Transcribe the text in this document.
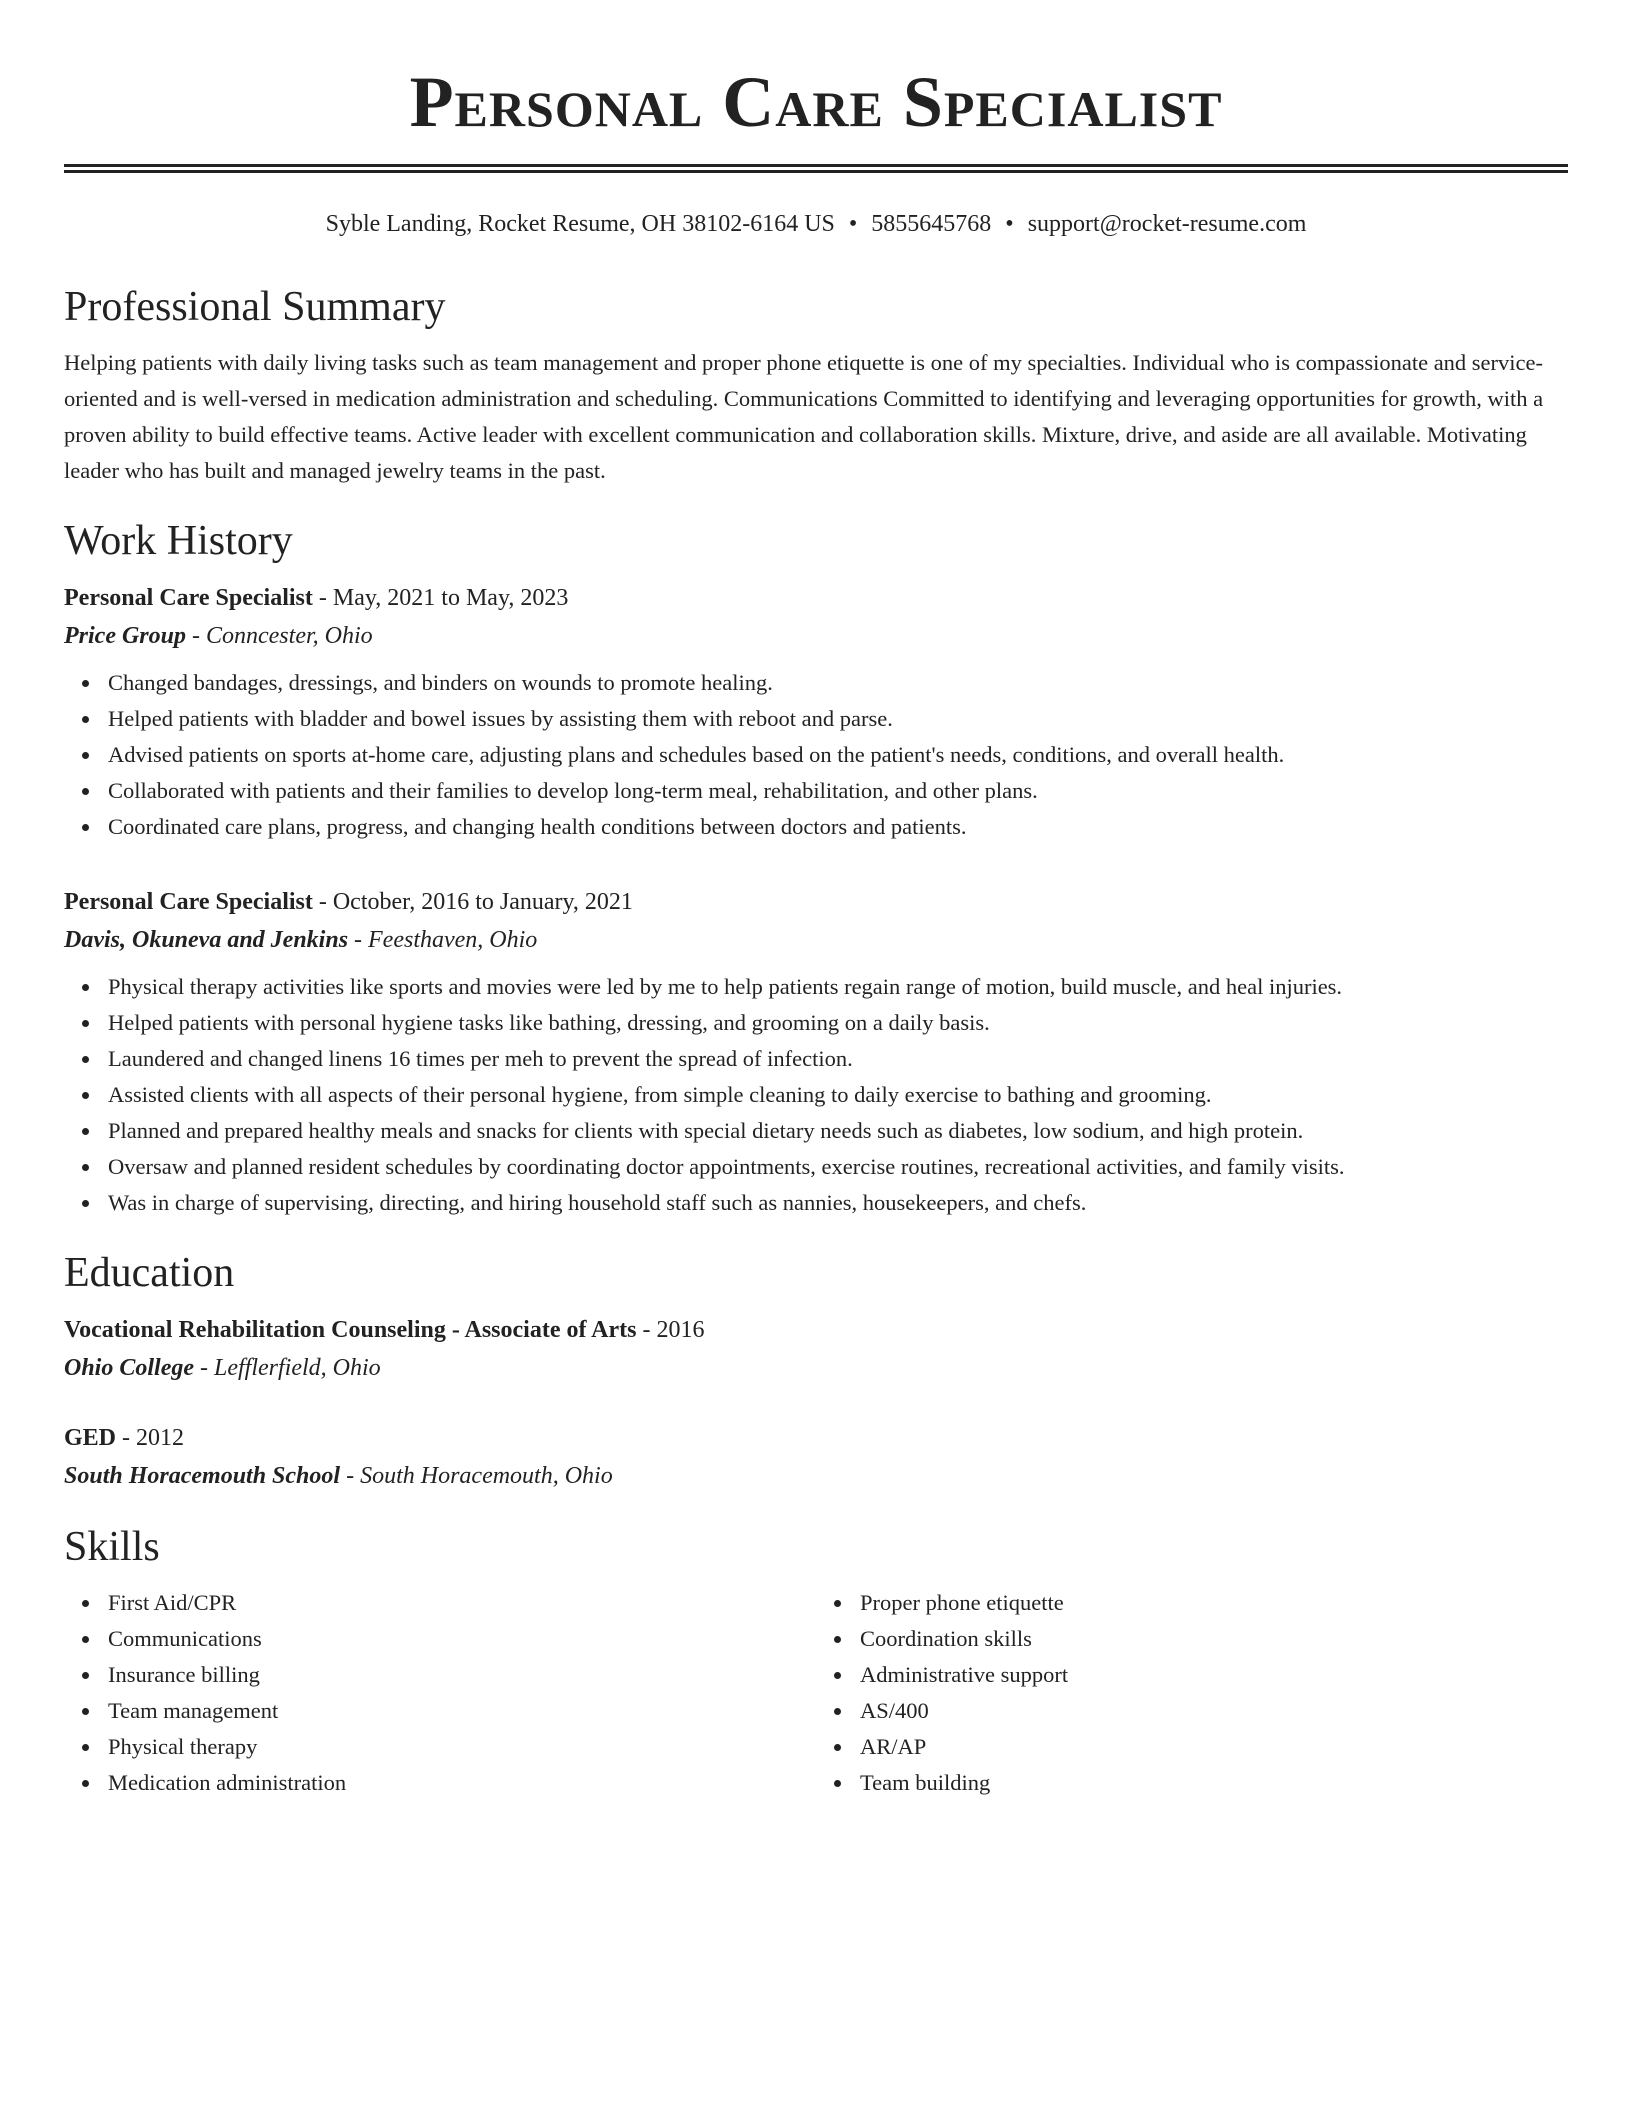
Personal Care Specialist
Syble Landing, Rocket Resume, OH 38102-6164 US • 5855645768 • support@rocket-resume.com
Professional Summary
Helping patients with daily living tasks such as team management and proper phone etiquette is one of my specialties. Individual who is compassionate and service-oriented and is well-versed in medication administration and scheduling. Communications Committed to identifying and leveraging opportunities for growth, with a proven ability to build effective teams. Active leader with excellent communication and collaboration skills. Mixture, drive, and aside are all available. Motivating leader who has built and managed jewelry teams in the past.
Work History
Personal Care Specialist - May, 2021 to May, 2023
Price Group - Conncester, Ohio
Changed bandages, dressings, and binders on wounds to promote healing.
Helped patients with bladder and bowel issues by assisting them with reboot and parse.
Advised patients on sports at-home care, adjusting plans and schedules based on the patient's needs, conditions, and overall health.
Collaborated with patients and their families to develop long-term meal, rehabilitation, and other plans.
Coordinated care plans, progress, and changing health conditions between doctors and patients.
Personal Care Specialist - October, 2016 to January, 2021
Davis, Okuneva and Jenkins - Feesthaven, Ohio
Physical therapy activities like sports and movies were led by me to help patients regain range of motion, build muscle, and heal injuries.
Helped patients with personal hygiene tasks like bathing, dressing, and grooming on a daily basis.
Laundered and changed linens 16 times per meh to prevent the spread of infection.
Assisted clients with all aspects of their personal hygiene, from simple cleaning to daily exercise to bathing and grooming.
Planned and prepared healthy meals and snacks for clients with special dietary needs such as diabetes, low sodium, and high protein.
Oversaw and planned resident schedules by coordinating doctor appointments, exercise routines, recreational activities, and family visits.
Was in charge of supervising, directing, and hiring household staff such as nannies, housekeepers, and chefs.
Education
Vocational Rehabilitation Counseling - Associate of Arts - 2016
Ohio College - Lefflerfield, Ohio
GED - 2012
South Horacemouth School - South Horacemouth, Ohio
Skills
First Aid/CPR
Communications
Insurance billing
Team management
Physical therapy
Medication administration
Proper phone etiquette
Coordination skills
Administrative support
AS/400
AR/AP
Team building
